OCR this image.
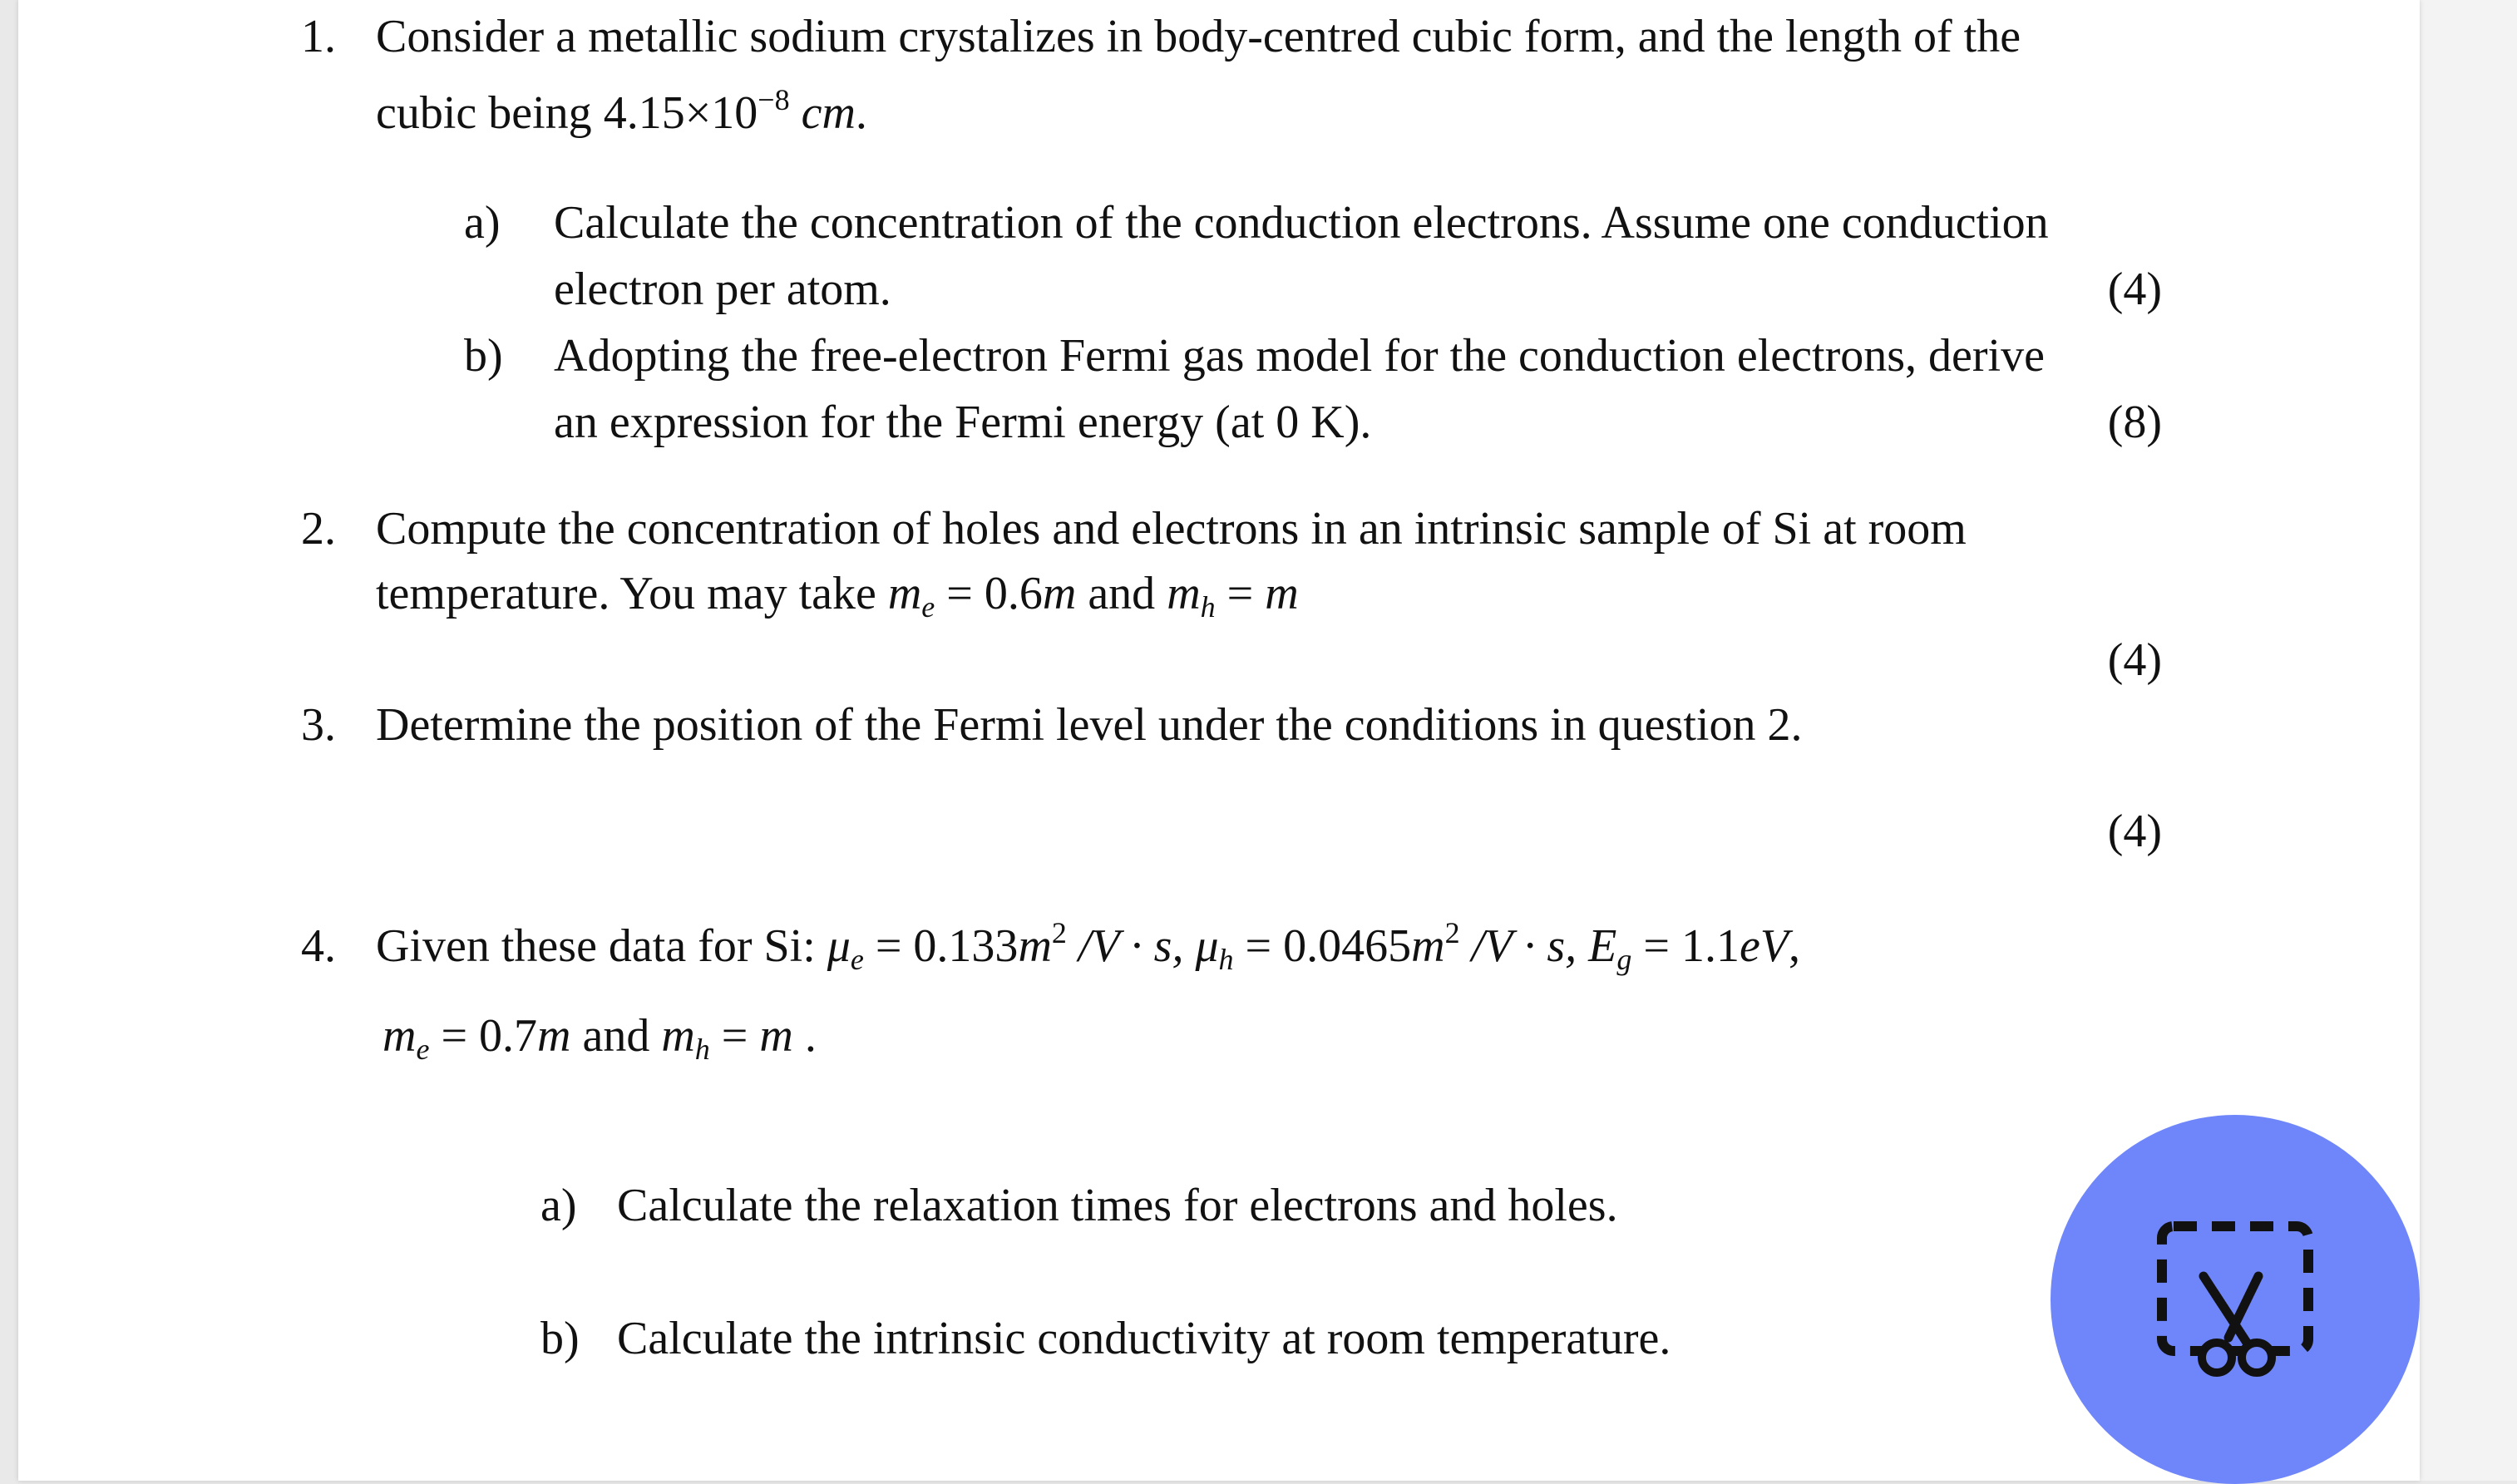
1. Consider a metallic sodium crystalizes in body-centred cubic form, and the length of the
cubic being $4.15\times 10^{-8}$ cm.
a) Calculate the concentration of the conduction electrons. Assume one conduction
electron per atom.	(4)
b) Adopting the free-electron Fermi gas model for the conduction electrons, derive
an expression for the Fermi energy (at 0 K).	(8)
2. Compute the concentration of holes and electrons in an intrinsic sample of Si at room
temperature. You may take $m_e = 0.6m$ and $m_h = m$
(4)
3. Determine the position of the Fermi level under the conditions in question 2.
(4)
4. Given these data for Si: $\mu_e = 0.133m^2$ /V · s, $\mu_h = 0.0465m^2$ /V · s, $E_g = 1.1eV$,
$m_e = 0.7m$ and $m_h = m$ .
a) Calculate the relaxation times for electrons and holes.
b) Calculate the intrinsic conductivity at room temperature.
